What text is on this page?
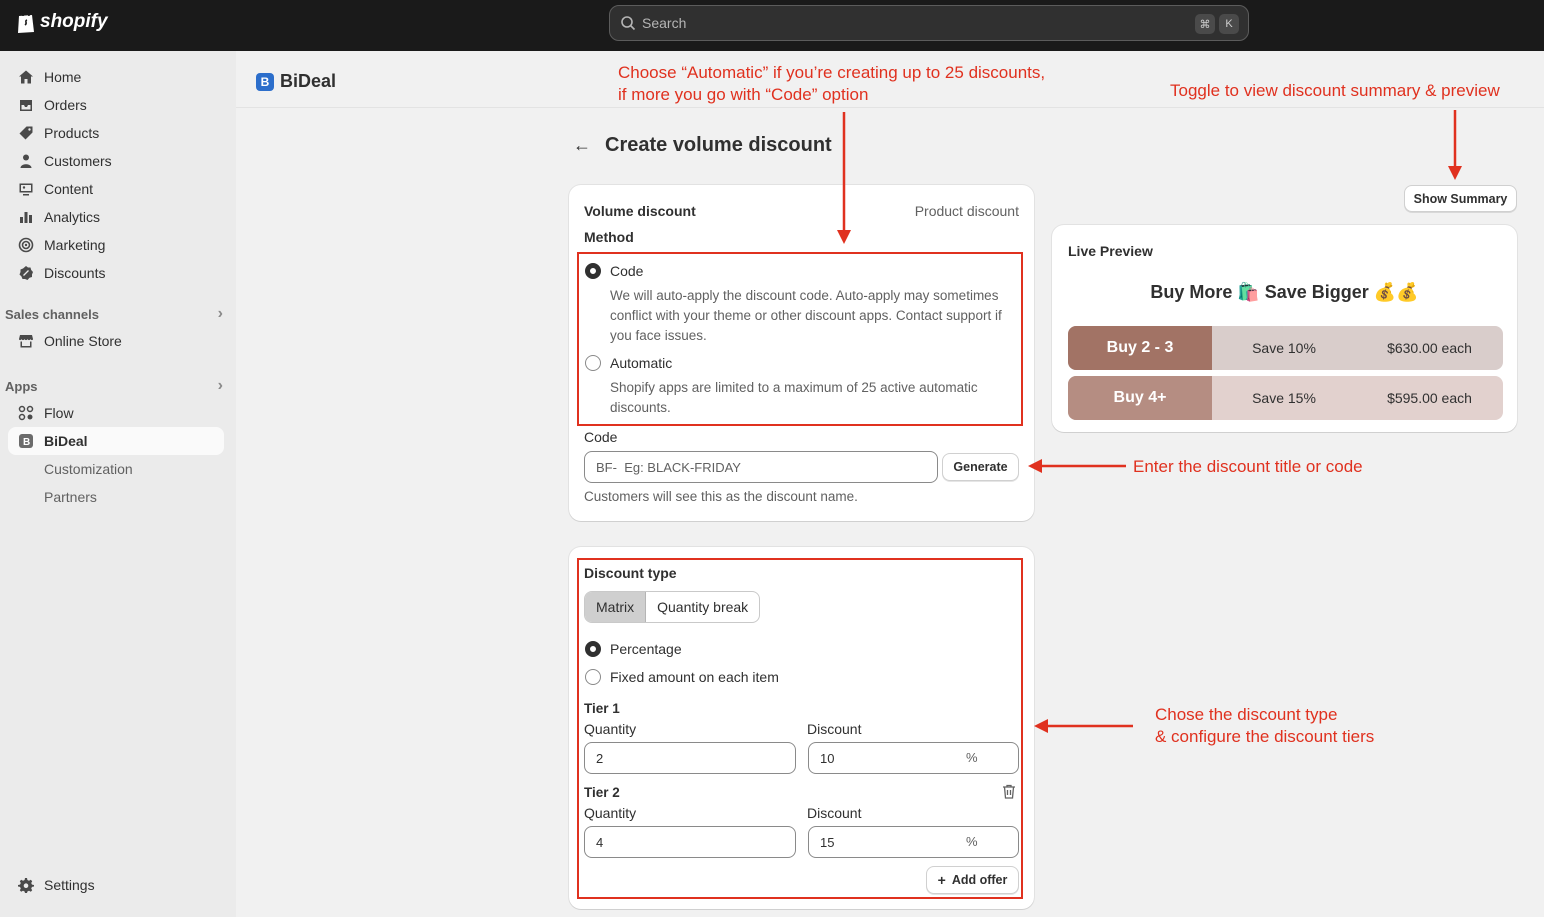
shopify	Search	⌘	K
Home
Orders
Products
Customers
Content
Analytics
Marketing
Discounts
Sales channels	›
Online Store
Apps	›
Flow
B BiDeal
Customization
Partners
Settings
B BiDeal
← Create volume discount
Volume discount	Product discount
Method
Code
We will auto-apply the discount code. Auto-apply may sometimes conflict with your theme or other discount apps. Contact support if you face issues.
Automatic
Shopify apps are limited to a maximum of 25 active automatic discounts.
Code
BF-
Eg: BLACK-FRIDAY	Generate
Customers will see this as the discount name.
Discount type
Matrix	Quantity break
Percentage
Fixed amount on each item
Tier 1
Quantity	Discount
2	10	%
Tier 2
Quantity	Discount
4	15	%
+ Add offer
Show Summary
Live Preview
Buy More 🛍️ Save Bigger 💰💰
Buy 2 - 3	Save 10%	$630.00 each
Buy 4+	Save 15%	$595.00 each
Choose “Automatic” if you’re creating up to 25 discounts,
if more you go with “Code” option	Toggle to view discount summary & preview
Enter the discount title or code
Chose the discount type
& configure the discount tiers
